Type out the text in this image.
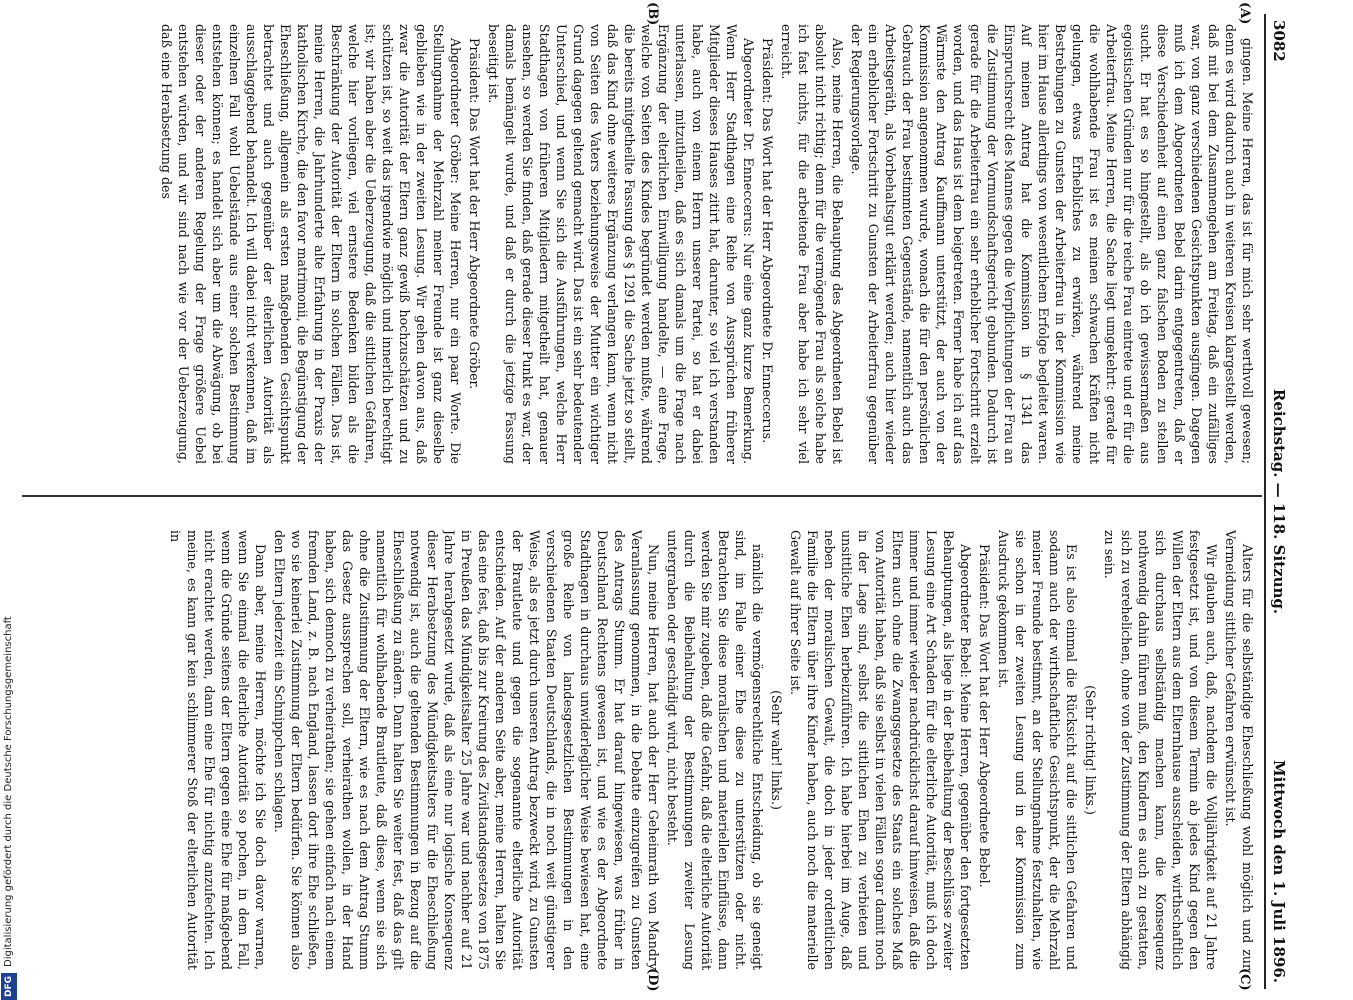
3082
Reichstag. — 118. Sitzung.
Mittwoch den 1. Juli 1896.
(A)
(B)
(C)
(D)

gingen. Meine Herren, das ist für mich sehr werthvoll gewesen; denn es wird dadurch auch in weiteren Kreisen klargestellt werden, daß mit bei dem Zusammengehen am Freitag, daß ein zufälliges war, von ganz verschiedenen Gesichtspunkten ausgingen. Dagegen muß ich dem Abgeordneten Bebel darin entgegentreten, daß er diese Verschiedenheit auf einen ganz falschen Boden zu stellen sucht. Er hat es so hingestellt, als ob ich gewissermaßen aus egoistischen Gründen nur für die reiche Frau eintrete und er für die Arbeiterfrau. Meine Herren, die Sache liegt umgekehrt: gerade für die wohlhabende Frau ist es meinen schwachen Kräften nicht gelungen, etwas Erhebliches zu erwirken, während meine Bestrebungen zu Gunsten der Arbeiterfrau in der Kommission wie hier im Hause allerdings von wesentlichem Erfolge begleitet waren. Auf meinen Antrag hat die Kommission in § 1341 das Einspruchsrecht des Mannes gegen die Verpflichtungen der Frau an die Zustimmung der Vormundschaftsgericht gebunden. Dadurch ist gerade für die Arbeiterfrau ein sehr erheblicher Fortschritt erzielt worden, und das Haus ist dem beigetreten. Ferner habe ich auf das Wärmste den Antrag Kauffmann unterstützt, der auch von der Kommission angenommen wurde, wonach die für den persönlichen Gebrauch der Frau bestimmten Gegenstände, namentlich auch das Arbeitsgeräth, als Vorbehaltsgut erklärt werden; auch hier wieder ein erheblicher Fortschritt zu Gunsten der Arbeiterfrau gegenüber der Regierungsvorlage.

Also, meine Herren, die Behauptung des Abgeordneten Bebel ist absolut nicht richtig; denn für die vermögende Frau als solche habe ich fast nichts, für die arbeitende Frau aber habe ich sehr viel erreicht.

Präsident: Das Wort hat der Herr Abgeordnete Dr. Enneccerus.

Abgeordneter Dr. Enneccerus: Nur eine ganz kurze Bemerkung. Wenn Herr Stadthagen eine Reihe von Aussprüchen früherer Mitglieder dieses Hauses zitirt hat, darunter, so viel ich verstanden habe, auch von einem Herrn unserer Partei, so hat er dabei unterlassen, mitzutheilen, daß es sich damals um die Frage nach Ergänzung der elterlichen Einwilligung handelte, — eine Frage, welche von Seiten des Kindes begründet werden mußte, während die bereits mitgetheilte Fassung des § 1291 die Sache jetzt so stellt, daß das Kind ohne weiteres Ergänzung verlangen kann, wenn nicht von Seiten des Vaters beziehungsweise der Mutter ein wichtiger Grund dagegen geltend gemacht wird. Das ist ein sehr bedeutender Unterschied, und wenn Sie sich die Ausführungen, welche Herr Stadthagen von früheren Mitgliedern mitgetheilt hat, genauer ansehen, so werden Sie finden, daß gerade dieser Punkt es war, der damals bemängelt wurde, und daß er durch die jetzige Fassung beseitigt ist.

Präsident: Das Wort hat der Herr Abgeordnete Gröber.

Abgeordneter Gröber: Meine Herren, nur ein paar Worte. Die Stellungnahme der Mehrzahl meiner Freunde ist ganz dieselbe geblieben wie in der zweiten Lesung. Wir gehen davon aus, daß zwar die Autorität der Eltern ganz gewiß hochzuschätzen und zu schützen ist, so weit das irgendwie möglich und innerlich berechtigt ist; wir haben aber die Ueberzeugung, daß die sittlichen Gefahren, welche hier vorliegen, viel ernstere Bedenken bilden als die Beschränkung der Autorität der Eltern in solchen Fällen. Das ist, meine Herren, die Jahrhunderte alte Erfahrung in der Praxis der katholischen Kirche, die den favor matrimonii, die Begünstigung der Eheschließung, allgemein als ersten maßgebenden Gesichtspunkt betrachtet und auch gegenüber der elterlichen Autorität als ausschlaggebend behandelt. Ich will dabei nicht verkennen, daß im einzelnen Fall wohl Uebelstände aus einer solchen Bestimmung entstehen können; es handelt sich aber um die Abwägung, ob bei dieser oder der anderen Regelung der Frage größere Uebel entstehen würden, und wir sind nach wie vor der Ueberzeugung, daß eine Herabsetzung des

Alters für die selbständige Eheschließung wohl möglich und zur Vermeidung sittlicher Gefahren erwünscht ist.

Wir glauben auch, daß, nachdem die Volljährigkeit auf 21 Jahre festgesetzt ist, und von diesem Termin ab jedes Kind gegen den Willen der Eltern aus dem Elternhause ausscheiden, wirthschaftlich sich durchaus selbständig machen kann, die Konsequenz nothwendig dahin führen muß, den Kindern es auch zu gestatten, sich zu verehelichen, ohne von der Zustimmung der Eltern abhängig zu sein.

(Sehr richtig! links.)

Es ist also einmal die Rücksicht auf die sittlichen Gefahren und sodann auch der wirthschaftliche Gesichtspunkt, der die Mehrzahl meiner Freunde bestimmt, an der Stellungnahme festzuhalten, wie sie schon in der zweiten Lesung und in der Kommission zum Ausdruck gekommen ist.

Präsident: Das Wort hat der Herr Abgeordnete Bebel.

Abgeordneter Bebel: Meine Herren, gegenüber den fortgesetzten Behauptungen, als liege in der Beibehaltung der Beschlüsse zweiter Lesung eine Art Schaden für die elterliche Autorität, muß ich doch immer und immer wieder nachdrücklichst darauf hinweisen, daß die Eltern auch ohne die Zwangsgesetze des Staats ein solches Maß von Autorität haben, daß sie selbst in vielen Fällen sogar damit noch in der Lage sind, selbst die sittlichen Ehen zu verbieten und unsittliche Ehen herbeizuführen. Ich habe hierbei im Auge, daß neben der moralischen Gewalt, die doch in jeder ordentlichen Familie die Eltern über ihre Kinder haben, auch noch die materielle Gewalt auf ihrer Seite ist.

(Sehr wahr! links.)

nämlich die vermögensrechtliche Entscheidung, ob sie geneigt sind, im Falle einer Ehe diese zu unterstützen oder nicht. Betrachten Sie diese moralischen und materiellen Einflüsse, dann werden Sie mir zugeben, daß die Gefahr, daß die elterliche Autorität durch die Beibehaltung der Bestimmungen zweiter Lesung untergraben oder geschädigt wird, nicht besteht.

Nun, meine Herren, hat auch der Herr Geheimrath von Mandry Veranlassung genommen, in die Debatte einzugreifen zu Gunsten des Antrags Stumm. Er hat darauf hingewiesen, was früher in Deutschland Rechtens gewesen ist, und wie es der Abgeordnete Stadthagen in durchaus unwiderleglicher Weise bewiesen hat, eine große Reihe von landesgesetzlichen Bestimmungen in den verschiedenen Staaten Deutschlands, die in noch weit günstigerer Weise, als es jetzt durch unseren Antrag bezweckt wird, zu Gunsten der Brautleute und gegen die sogenannte elterliche Autorität entschieden. Auf der anderen Seite aber, meine Herren, halten Sie das eine fest, daß bis zur Kreirung des Zivilstandsgesetzes von 1875 in Preußen das Mündigkeitsalter 25 Jahre war und nachher auf 21 Jahre herabgesetzt wurde, daß als eine nur logische Konsequenz dieser Herabsetzung des Mündigkeitsalters für die Eheschließung notwendig ist, auch die geltenden Bestimmungen in Bezug auf die Eheschließung zu ändern. Dann halten Sie weiter fest, daß das gilt namentlich für wohlhabende Brautleute, daß diese, wenn sie sich ohne die Zustimmung der Eltern, wie es nach dem Antrag Stumm das Gesetz aussprechen soll, verheirathen wollen, in der Hand haben, sich dennoch zu verheirathen; sie gehen einfach nach einem fremden Land, z. B. nach England, lassen dort ihre Ehe schließen, wo sie keinerlei Zustimmung der Eltern bedürfen. Sie können also den Eltern jederzeit ein Schnippchen schlagen.

Dann aber, meine Herren, möchte ich Sie doch davor warnen, wenn Sie einmal die elterliche Autorität so pochen, in dem Fall, wenn die Gründe seitens der Eltern gegen eine Ehe für maßgebend nicht erachtet werden, dann eine Ehe für nichtig anzufechten. Ich meine, es kann gar kein schlimmerer Stoß der elterlichen Autorität in

DFGDigitalisierung gefördert durch die Deutsche Forschungsgemeinschaft
